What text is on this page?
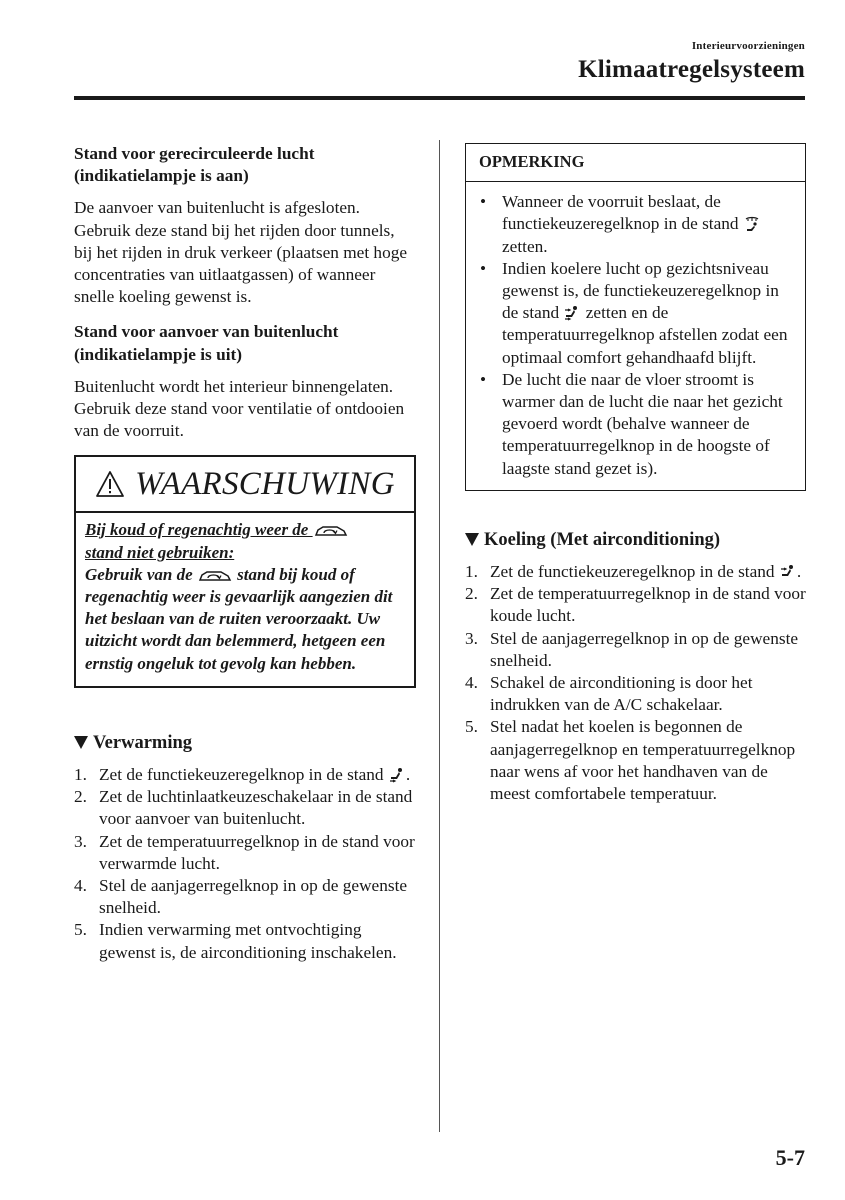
Interieurvoorzieningen
Klimaatregelsysteem
Stand voor gerecirculeerde lucht (indikatielampje is aan)
De aanvoer van buitenlucht is afgesloten. Gebruik deze stand bij het rijden door tunnels, bij het rijden in druk verkeer (plaatsen met hoge concentraties van uitlaatgassen) of wanneer snelle koeling gewenst is.
Stand voor aanvoer van buitenlucht (indikatielampje is uit)
Buitenlucht wordt het interieur binnengelaten. Gebruik deze stand voor ventilatie of ontdooien van de voorruit.
WAARSCHUWING
Bij koud of regenachtig weer de
stand niet gebruiken:
Gebruik van de  stand bij koud of regenachtig weer is gevaarlijk aangezien dit het beslaan van de ruiten veroorzaakt. Uw uitzicht wordt dan belemmerd, hetgeen een ernstig ongeluk tot gevolg kan hebben.
Verwarming
1. Zet de functiekeuzeregelknop in de stand .
2. Zet de luchtinlaatkeuzeschakelaar in de stand voor aanvoer van buitenlucht.
3. Zet de temperatuurregelknop in de stand voor verwarmde lucht.
4. Stel de aanjagerregelknop in op de gewenste snelheid.
5. Indien verwarming met ontvochtiging gewenst is, de airconditioning inschakelen.
OPMERKING
• Wanneer de voorruit beslaat, de functiekeuzeregelknop in de stand  zetten.
• Indien koelere lucht op gezichtsniveau gewenst is, de functiekeuzeregelknop in de stand  zetten en de temperatuurregelknop afstellen zodat een optimaal comfort gehandhaafd blijft.
• De lucht die naar de vloer stroomt is warmer dan de lucht die naar het gezicht gevoerd wordt (behalve wanneer de temperatuurregelknop in de hoogste of laagste stand gezet is).
Koeling (Met airconditioning)
1. Zet de functiekeuzeregelknop in de stand .
2. Zet de temperatuurregelknop in de stand voor koude lucht.
3. Stel de aanjagerregelknop in op de gewenste snelheid.
4. Schakel de airconditioning is door het indrukken van de A/C schakelaar.
5. Stel nadat het koelen is begonnen de aanjagerregelknop en temperatuurregelknop naar wens af voor het handhaven van de meest comfortabele temperatuur.
5-7
